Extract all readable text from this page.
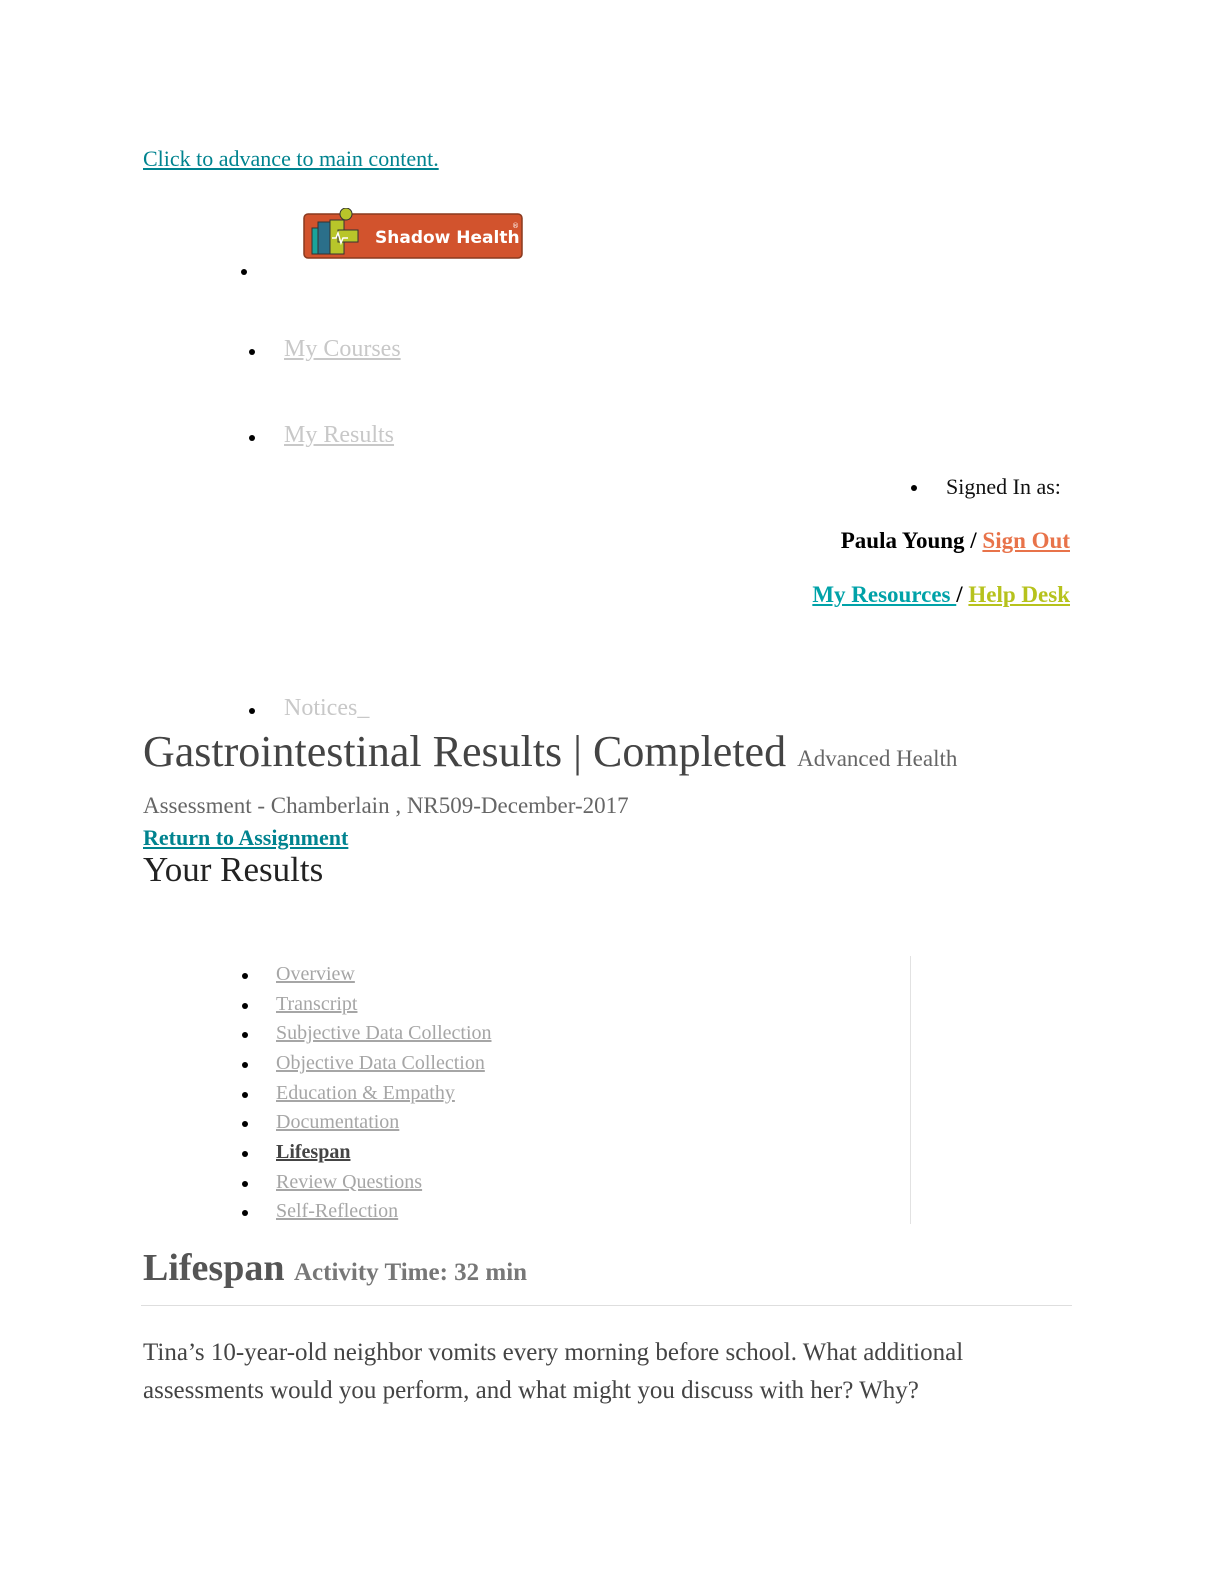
Click to advance to main content.
Shadow Health
®
My Courses
My Results
Signed In as:
Paula Young / Sign Out
My Resources / Help Desk
Notices_
Gastrointestinal Results | Completed Advanced Health
Assessment - Chamberlain , NR509-December-2017
Return to Assignment
Your Results
Overview
Transcript
Subjective Data Collection
Objective Data Collection
Education & Empathy
Documentation
Lifespan
Review Questions
Self-Reflection
Lifespan Activity Time: 32 min
Tina’s 10-year-old neighbor vomits every morning before school. What additional assessments would you perform, and what might you discuss with her? Why?
